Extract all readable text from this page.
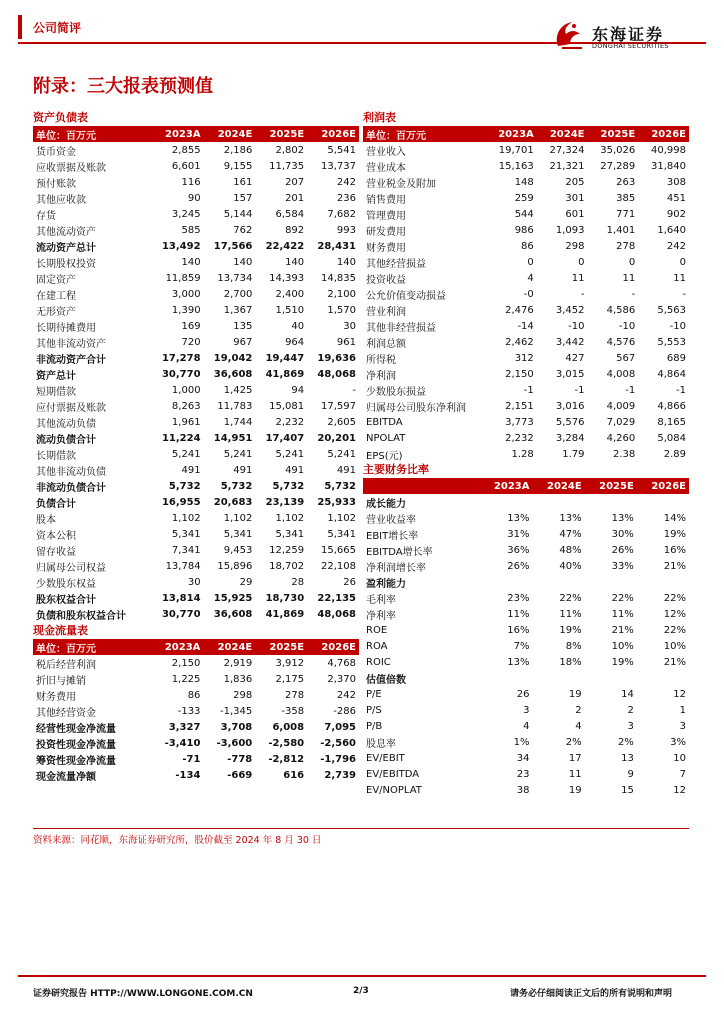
公司简评	东海证券
DONGHAI SECURITIES
附录：三大报表预测值
资产负债表
单位：百万元	2023A	2024E	2025E	2026E
货币资金	2,855	2,186	2,802	5,541
应收票据及账款	6,601	9,155	11,735	13,737
预付账款	116	161	207	242
其他应收款	90	157	201	236
存货	3,245	5,144	6,584	7,682
其他流动资产	585	762	892	993
流动资产总计	13,492	17,566	22,422	28,431
长期股权投资	140	140	140	140
固定资产	11,859	13,734	14,393	14,835
在建工程	3,000	2,700	2,400	2,100
无形资产	1,390	1,367	1,510	1,570
长期待摊费用	169	135	40	30
其他非流动资产	720	967	964	961
非流动资产合计	17,278	19,042	19,447	19,636
资产总计	30,770	36,608	41,869	48,068
短期借款	1,000	1,425	94	-
应付票据及账款	8,263	11,783	15,081	17,597
其他流动负债	1,961	1,744	2,232	2,605
流动负债合计	11,224	14,951	17,407	20,201
长期借款	5,241	5,241	5,241	5,241
其他非流动负债	491	491	491	491
非流动负债合计	5,732	5,732	5,732	5,732
负债合计	16,955	20,683	23,139	25,933
股本	1,102	1,102	1,102	1,102
资本公积	5,341	5,341	5,341	5,341
留存收益	7,341	9,453	12,259	15,665
归属母公司权益	13,784	15,896	18,702	22,108
少数股东权益	30	29	28	26
股东权益合计	13,814	15,925	18,730	22,135
负债和股东权益合计	30,770	36,608	41,869	48,068
现金流量表
单位：百万元	2023A	2024E	2025E	2026E
税后经营利润	2,150	2,919	3,912	4,768
折旧与摊销	1,225	1,836	2,175	2,370
财务费用	86	298	278	242
其他经营资金	-133	-1,345	-358	-286
经营性现金净流量	3,327	3,708	6,008	7,095
投资性现金净流量	-3,410	-3,600	-2,580	-2,560
筹资性现金净流量	-71	-778	-2,812	-1,796
现金流量净额	-134	-669	616	2,739
利润表
单位：百万元	2023A	2024E	2025E	2026E
营业收入	19,701	27,324	35,026	40,998
营业成本	15,163	21,321	27,289	31,840
营业税金及附加	148	205	263	308
销售费用	259	301	385	451
管理费用	544	601	771	902
研发费用	986	1,093	1,401	1,640
财务费用	86	298	278	242
其他经营损益	0	0	0	0
投资收益	4	11	11	11
公允价值变动损益	-0	-	-	-
营业利润	2,476	3,452	4,586	5,563
其他非经营损益	-14	-10	-10	-10
利润总额	2,462	3,442	4,576	5,553
所得税	312	427	567	689
净利润	2,150	3,015	4,008	4,864
少数股东损益	-1	-1	-1	-1
归属母公司股东净利润	2,151	3,016	4,009	4,866
EBITDA	3,773	5,576	7,029	8,165
NPOLAT	2,232	3,284	4,260	5,084
EPS(元)	1.28	1.79	2.38	2.89
主要财务比率
	2023A	2024E	2025E	2026E
成长能力				
营业收益率	13%	13%	13%	14%
EBIT增长率	31%	47%	30%	19%
EBITDA增长率	36%	48%	26%	16%
净利润增长率	26%	40%	33%	21%
盈利能力				
毛利率	23%	22%	22%	22%
净利率	11%	11%	11%	12%
ROE	16%	19%	21%	22%
ROA	7%	8%	10%	10%
ROIC	13%	18%	19%	21%
估值倍数				
P/E	26	19	14	12
P/S	3	2	2	1
P/B	4	4	3	3
股息率	1%	2%	2%	3%
EV/EBIT	34	17	13	10
EV/EBITDA	23	11	9	7
EV/NOPLAT	38	19	15	12
资料来源：同花顺，东海证券研究所，股价截至 2024 年 8 月 30 日
证券研究报告 HTTP://WWW.LONGONE.COM.CN	2/3	请务必仔细阅读正文后的所有说明和声明
